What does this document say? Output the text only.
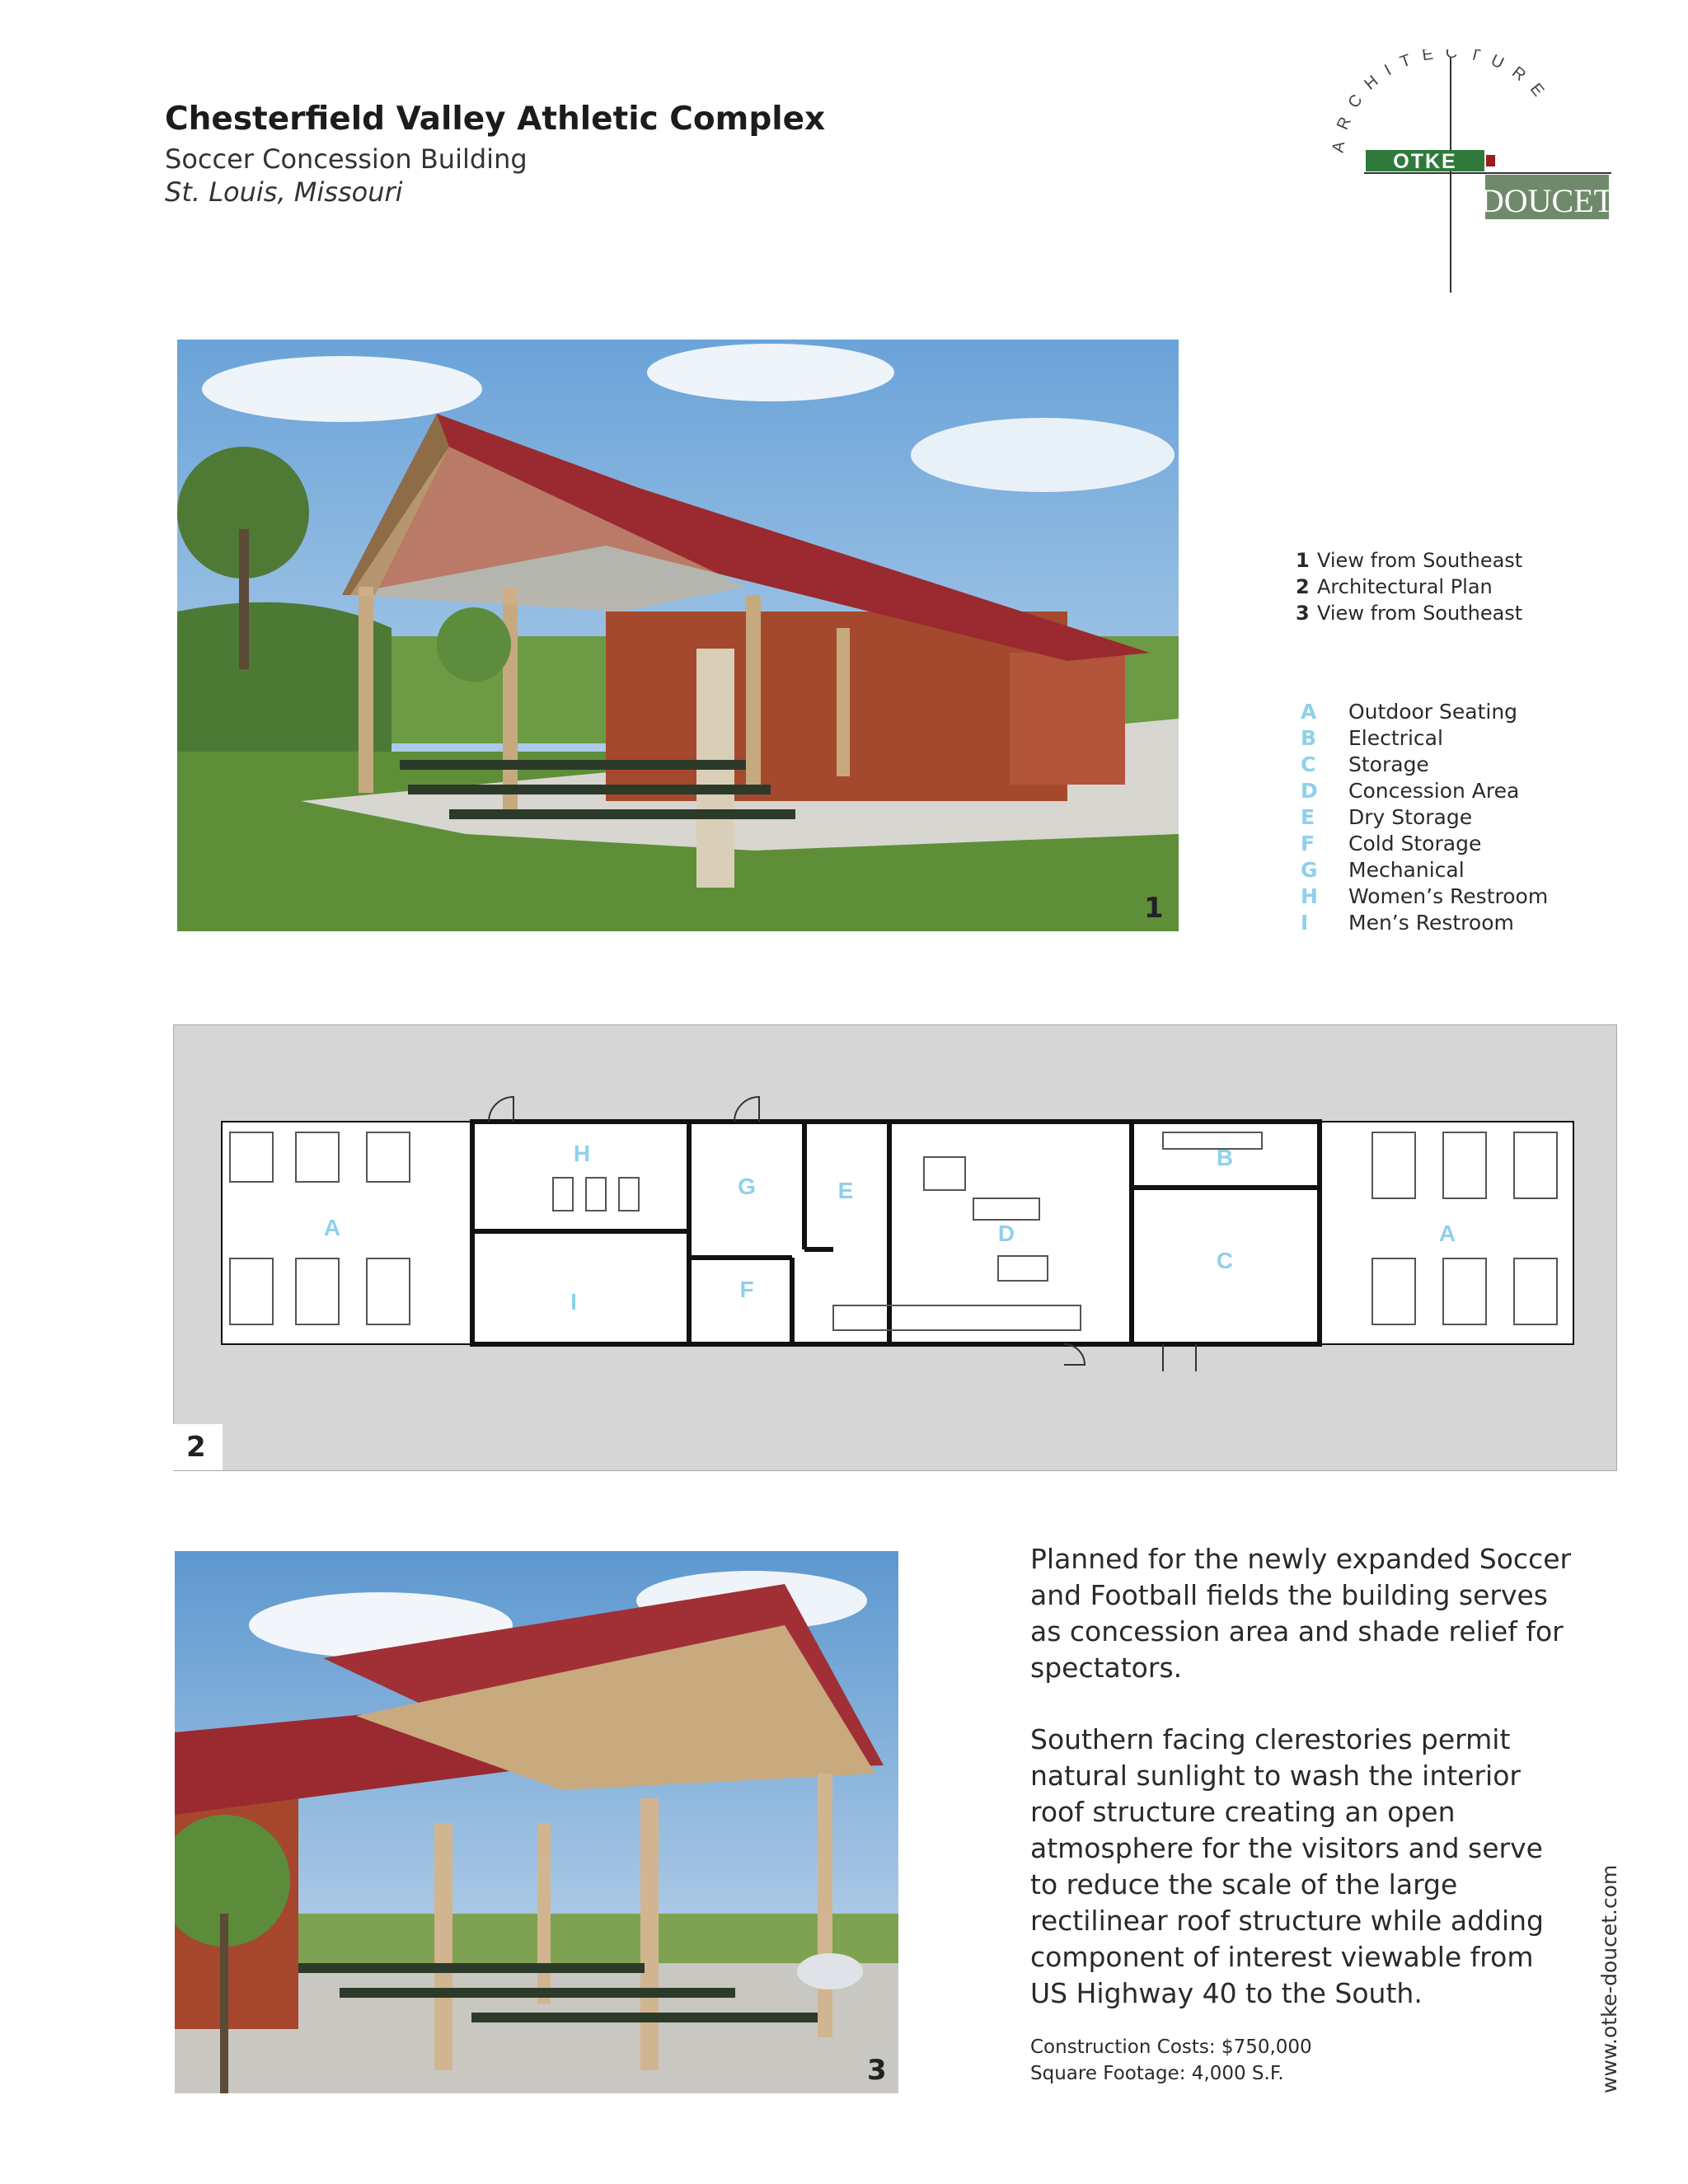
Chesterfield Valley Athletic Complex
Soccer Concession Building
St. Louis, Missouri
ARCHITECTURE
OTKE
DOUCET
1
1 View from Southeast
2 Architectural Plan
3 View from Southeast
A Outdoor Seating
B Electrical
C Storage
D Concession Area
E Dry Storage
F Cold Storage
G Mechanical
H Women’s Restroom
I Men’s Restroom
A	A
B
C
D
E
F
G
H
I
2
3

Planned for the newly expanded Soccer and Football fields the building serves as concession area and shade relief for spectators.

Southern facing clerestories permit natural sunlight to wash the interior roof structure creating an open atmosphere for the visitors and serve to reduce the scale of the large rectilinear roof structure while adding component of interest viewable from US Highway 40 to the South.

Construction Costs: $750,000
Square Footage: 4,000 S.F.	www.otke-doucet.com
